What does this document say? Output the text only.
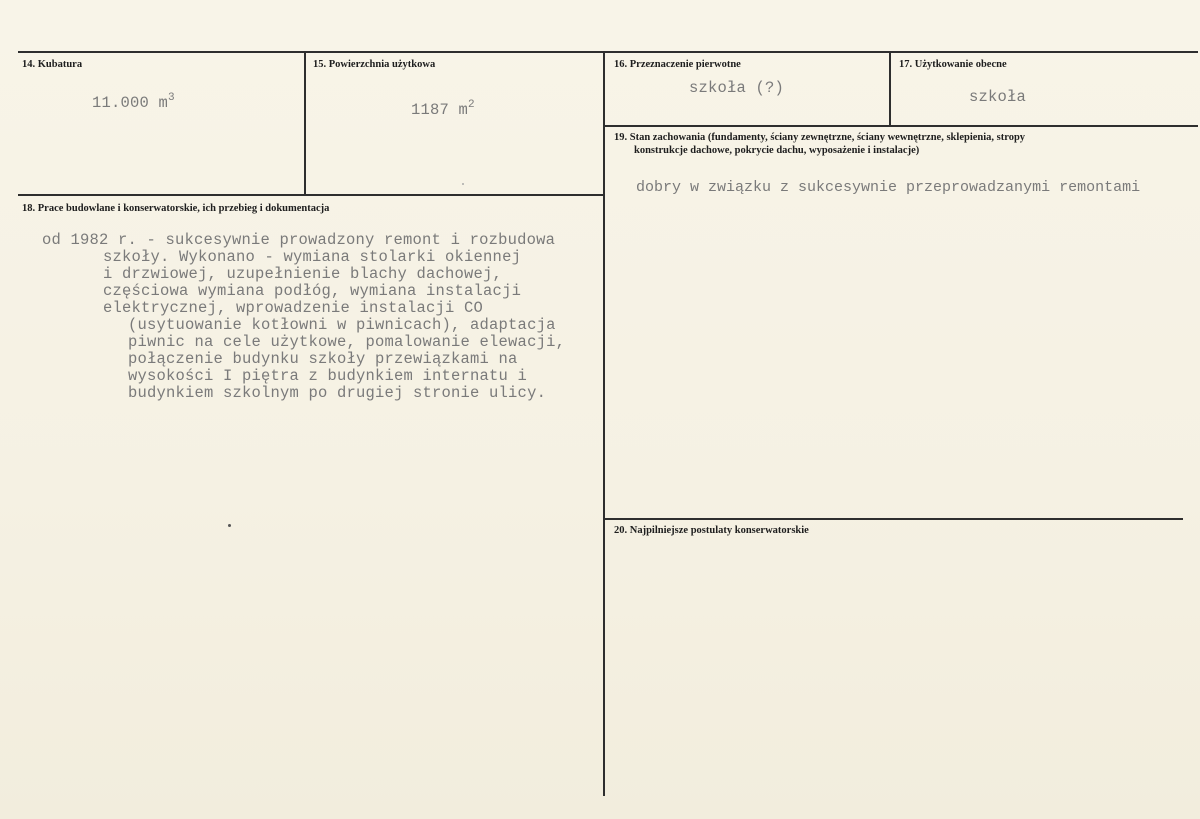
14. Kubatura
11.000 $m^3$
15. Powierzchnia użytkowa
1187 $m^2$
16. Przeznaczenie pierwotne
szkoła (?)
17. Użytkowanie obecne
szkoła
19. Stan zachowania (fundamenty, ściany zewnętrzne, ściany wewnętrzne, sklepienia, stropy
konstrukcje dachowe, pokrycie dachu, wyposażenie i instalacje)
dobry w związku z sukcesywnie przeprowadzanymi remontami
18. Prace budowlane i konserwatorskie, ich przebieg i dokumentacja
od 1982 r. - sukcesywnie prowadzony remont i rozbudowa
szkoły. Wykonano - wymiana stolarki okiennej
i drzwiowej, uzupełnienie blachy dachowej,
częściowa wymiana podłóg, wymiana instalacji
elektrycznej, wprowadzenie instalacji CO
(usytuowanie kotłowni w piwnicach), adaptacja
piwnic na cele użytkowe, pomalowanie elewacji,
połączenie budynku szkoły przewiązkami na
wysokości I piętra z budynkiem internatu i
budynkiem szkolnym po drugiej stronie ulicy.
20. Najpilniejsze postulaty konserwatorskie
